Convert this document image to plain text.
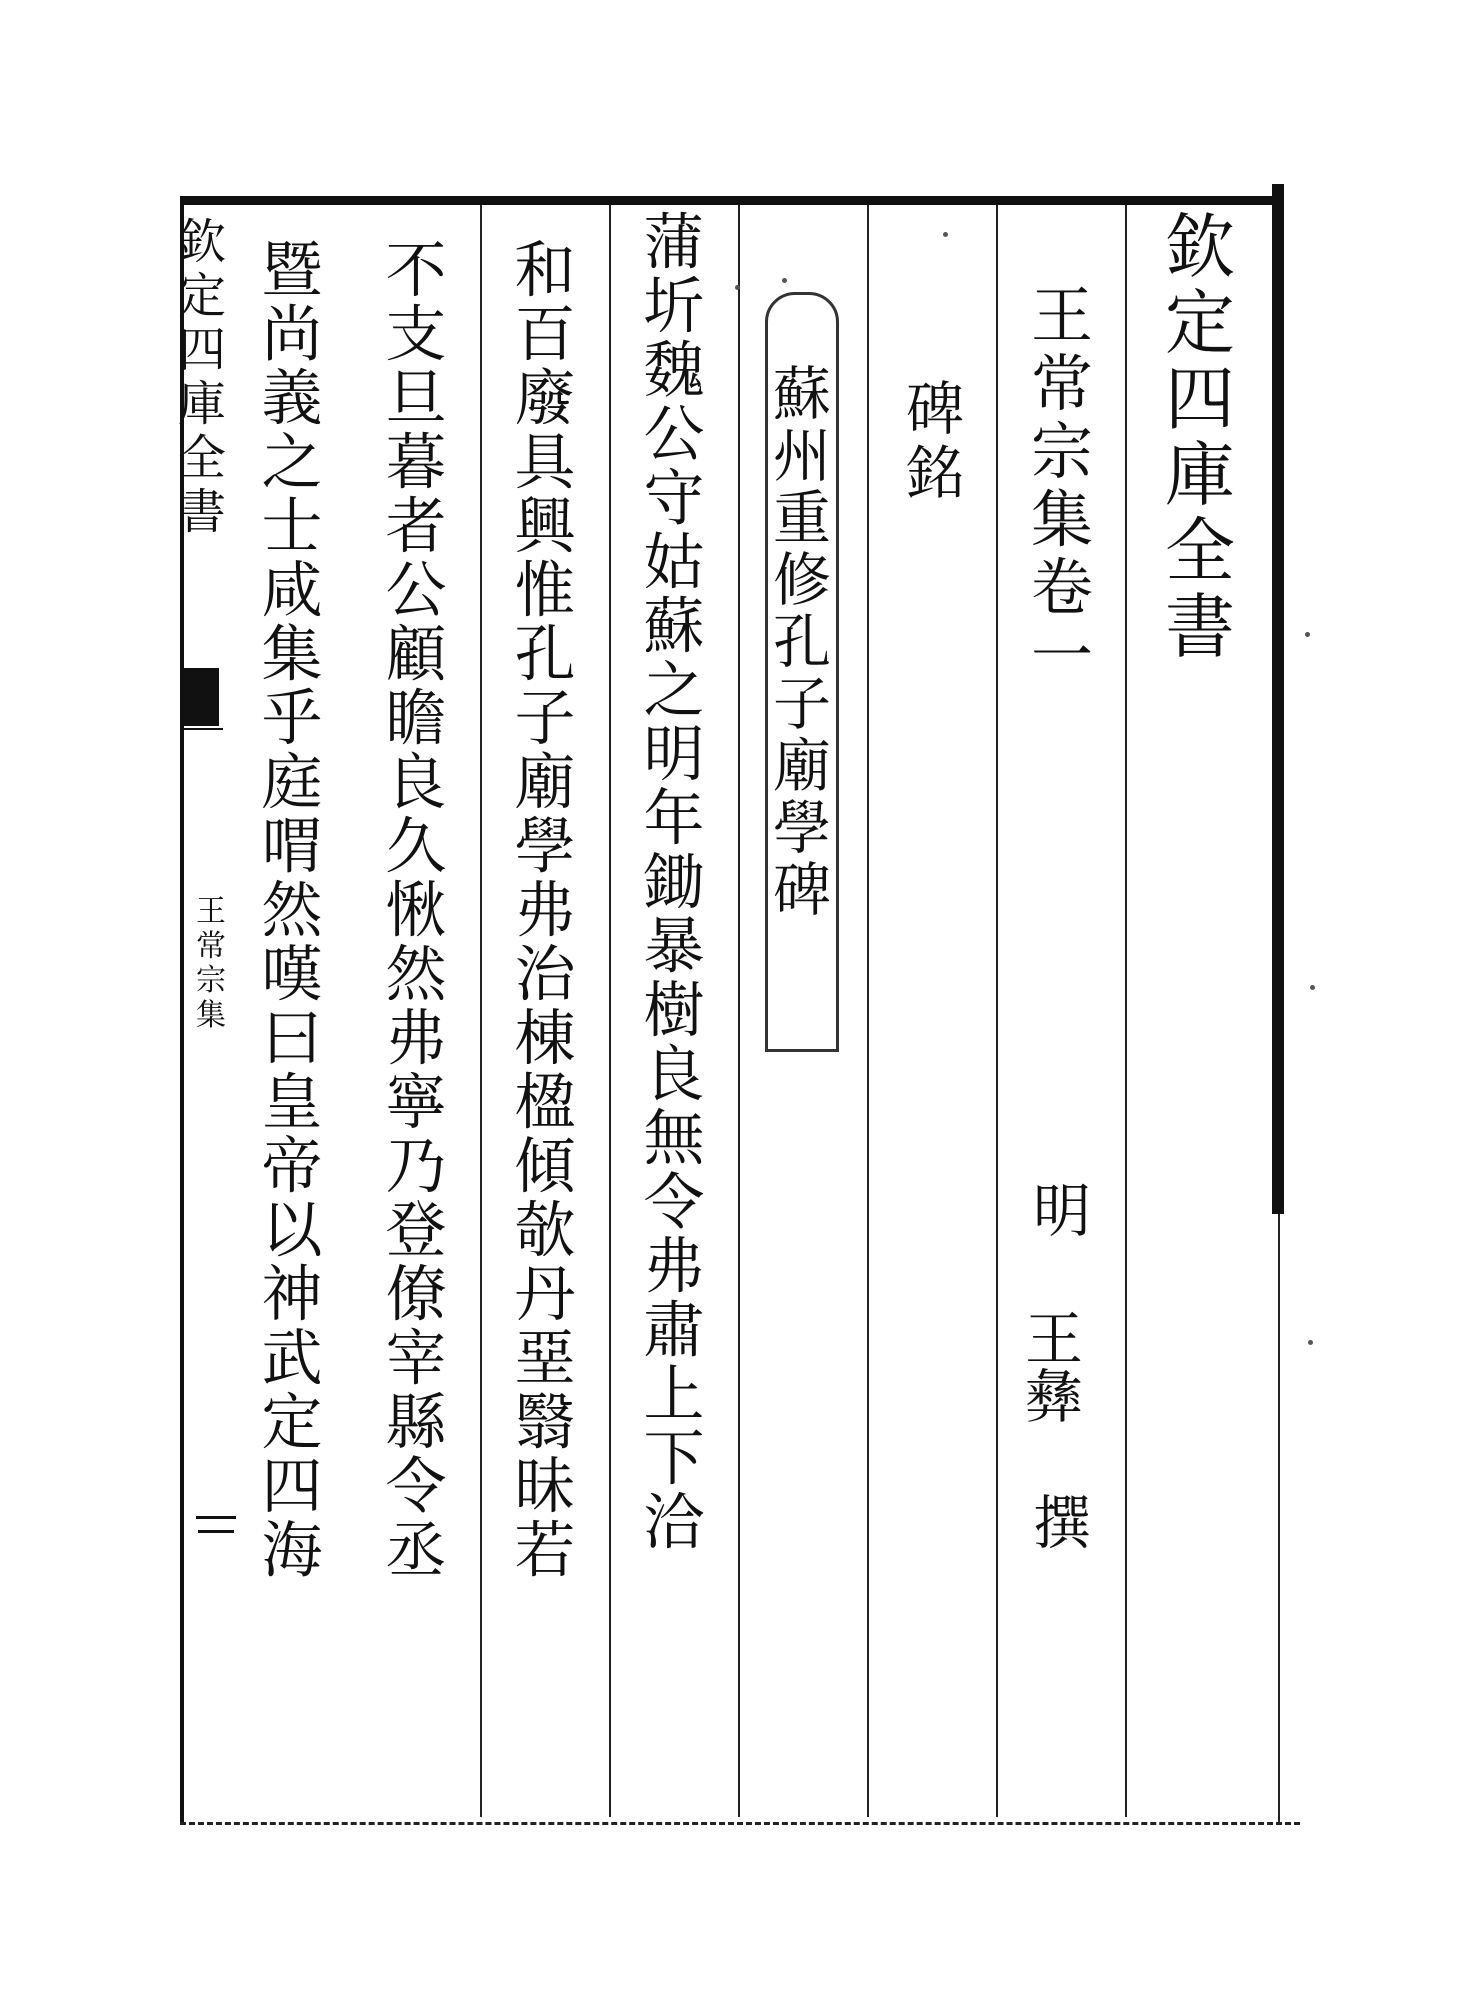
欽
定
四
庫
全
書
王
常
宗
集
卷
一
明
王彝
撰
碑
銘
蘇
州
重
修
孔
子
廟
學
碑
蒲
圻
魏
公
守
姑
蘇
之
明
年
鋤
暴
樹
良
無
令
弗
肅
上
下
洽
和
百
廢
具
興
惟
孔
子
廟
學
弗
治
棟
楹
傾
欹
丹
堊
翳
昧
若
不
支
旦
暮
者
公
顧
瞻
良
久
愀
然
弗
寧
乃
登
僚
宰
縣
令
丞
暨
尚
義
之
士
咸
集
乎
庭
喟
然
嘆
曰
皇
帝
以
神
武
定
四
海
欽
定
四
庫
全
書
王
常
宗
集
